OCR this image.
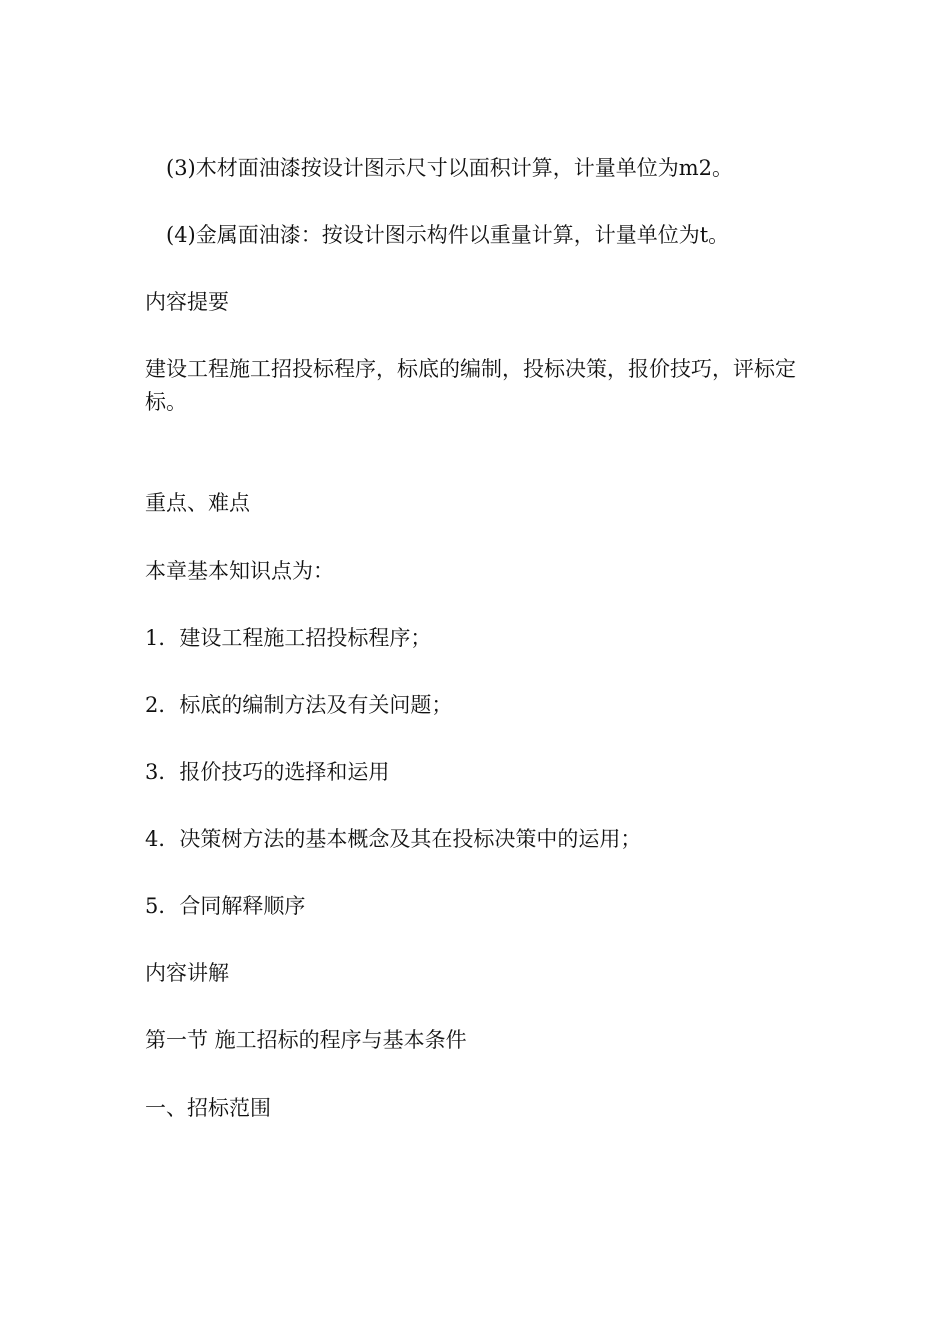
(3)木材面油漆按设计图示尺寸以面积计算，计量单位为m2。

(4)金属面油漆：按设计图示构件以重量计算，计量单位为t。

内容提要

建设工程施工招投标程序，标底的编制，投标决策，报价技巧，评标定标。

重点、难点

本章基本知识点为：

1．建设工程施工招投标程序；

2．标底的编制方法及有关问题；

3．报价技巧的选择和运用

4．决策树方法的基本概念及其在投标决策中的运用；

5．合同解释顺序

内容讲解

第一节 施工招标的程序与基本条件

一、招标范围
